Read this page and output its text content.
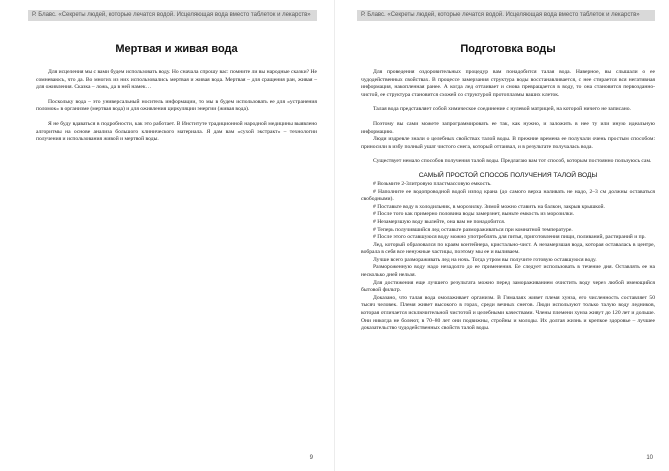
Р. Блавс. «Секреты людей, которые лечатся водой. Исцеляющая вода вместо таблеток и лекарств»
Мертвая и живая вода

Для исцеления мы с вами будем использовать воду. Но сначала спрошу вас: помните ли вы народные сказки? Не сомневаюсь, что да. Во многих из них использовались мертвая и живая вода. Мертвая – для сращения ран, живая – для оживления. Сказка – ложь, да в ней намек…

Поскольку вода – это универсальный носитель информации, то мы в будем использовать ее для «устранения поломок» в организме (мертвая вода) и для оживления циркуляции энергии (живая вода).

Я не буду вдаваться в подробности, как это работает. В Институте традиционной народной медицины выявлено алгоритмы на основе анализа большого клинического материала. Я дам вам «сухой экстракт» – технологии получения и использования живой и мертвой воды.

9
Р. Блавс. «Секреты людей, которые лечатся водой. Исцеляющая вода вместо таблеток и лекарств»
Подготовка воды

Для проведения оздоровительных процедур вам понадобится талая вода. Наверное, вы слышали о ее чудодейственных свойствах. В процессе замерзания структура воды восстанавливается, с нее стирается вся негативная информация, накопленная ранее. А когда лед оттаивает и снова превращается в воду, то она становится первозданно-чистой, ее структура становится схожей со структурой протоплазмы ваших клеток.

Талая вода представляет собой химическое соединение с нулевой матрицей, на которой ничего не записано.

Поэтому вы сами можете запрограммировать ее так, как нужно, и заложить в нее ту или иную идеальную информацию.

Люди издревле знали о целебных свойствах талой воды. В прежние времена ее получали очень простым способом: приносили в избу полный ушат чистого снега, который оттаивал, и в результате получалась вода.

Существует немало способов получения талой воды. Предлагаю вам тот способ, которым постоянно пользуюсь сам.

САМЫЙ ПРОСТОЙ СПОСОБ ПОЛУЧЕНИЯ ТАЛОЙ ВОДЫ

# Возьмите 2-3литровую пластмассовую емкость.

# Наполните ее водопроводной водой изпод крана (до самого верха наливать не надо, 2–3 см должны оставаться свободными).

# Поставьте воду в холодильник, в морозилку. Зимой можно ставить на балкон, закрыв крышкой.

# После того как примерно половина воды замерзнет, выньте емкость из морозилки.

# Незамерзшую воду вылейте, она вам не понадобится.

# Теперь получившийся лед оставьте размораживаться при комнатной температуре.

# После этого оставшуюся воду можно употреблять для питья, приготовления пищи, поливаний, растираний и пр.

Лед, который образовался по краям контейнера, кристально-чист. А незамерзшая вода, которая оставалась в центре, вобрала в себя все ненужные частицы, поэтому мы ее и выливаем.

Лучше всего размораживать лед на ночь. Тогда утром вы получите готовую оставшуюся воду.

Размороженную воду надо незадолго до ее применения. Ее следует использовать в течение дня. Оставлять ее на несколько дней нельзя.

Для достижения еще лучшего результата можно перед замораживанием очистить воду через любой имеющийся бытовой фильтр.

Доказано, что талая вода омолаживает организм. В Гималаях живет племя хунза, его численность составляет 50 тысяч человек. Племя живет высокого в горах, среди вечных снегов. Люди используют только талую воду ледников, которая отличается исключительной чистотой и целебными качествами. Члены племени хунза живут до 120 лет и дольше. Они никогда не болеют, в 70–80 лет они подвижны, стройны и молоды. Их долгая жизнь и крепкое здоровье – лучшее доказательство чудодейственных свойств талой воды.

10
